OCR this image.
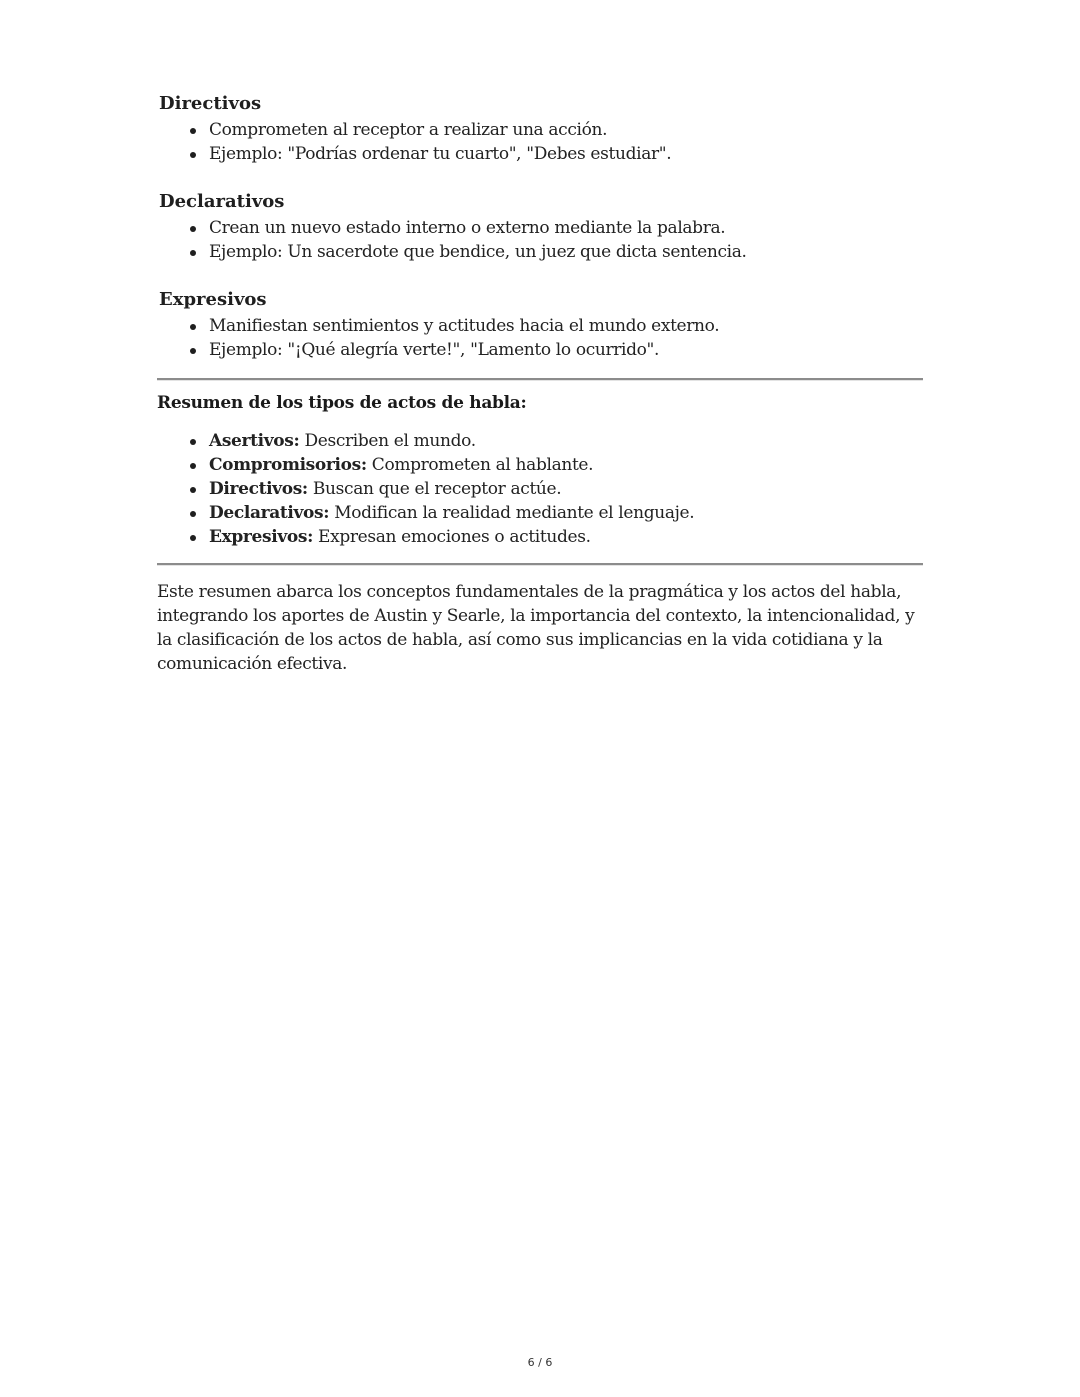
Directivos
Comprometen al receptor a realizar una acción.
Ejemplo: "Podrías ordenar tu cuarto", "Debes estudiar".
Declarativos
Crean un nuevo estado interno o externo mediante la palabra.
Ejemplo: Un sacerdote que bendice, un juez que dicta sentencia.
Expresivos
Manifiestan sentimientos y actitudes hacia el mundo externo.
Ejemplo: "¡Qué alegría verte!", "Lamento lo ocurrido".
Resumen de los tipos de actos de habla:
Asertivos: Describen el mundo.
Compromisorios: Comprometen al hablante.
Directivos: Buscan que el receptor actúe.
Declarativos: Modifican la realidad mediante el lenguaje.
Expresivos: Expresan emociones o actitudes.

Este resumen abarca los conceptos fundamentales de la pragmática y los actos del habla, integrando los aportes de Austin y Searle, la importancia del contexto, la intencionalidad, y la clasificación de los actos de habla, así como sus implicancias en la vida cotidiana y la comunicación efectiva.

6 / 6
